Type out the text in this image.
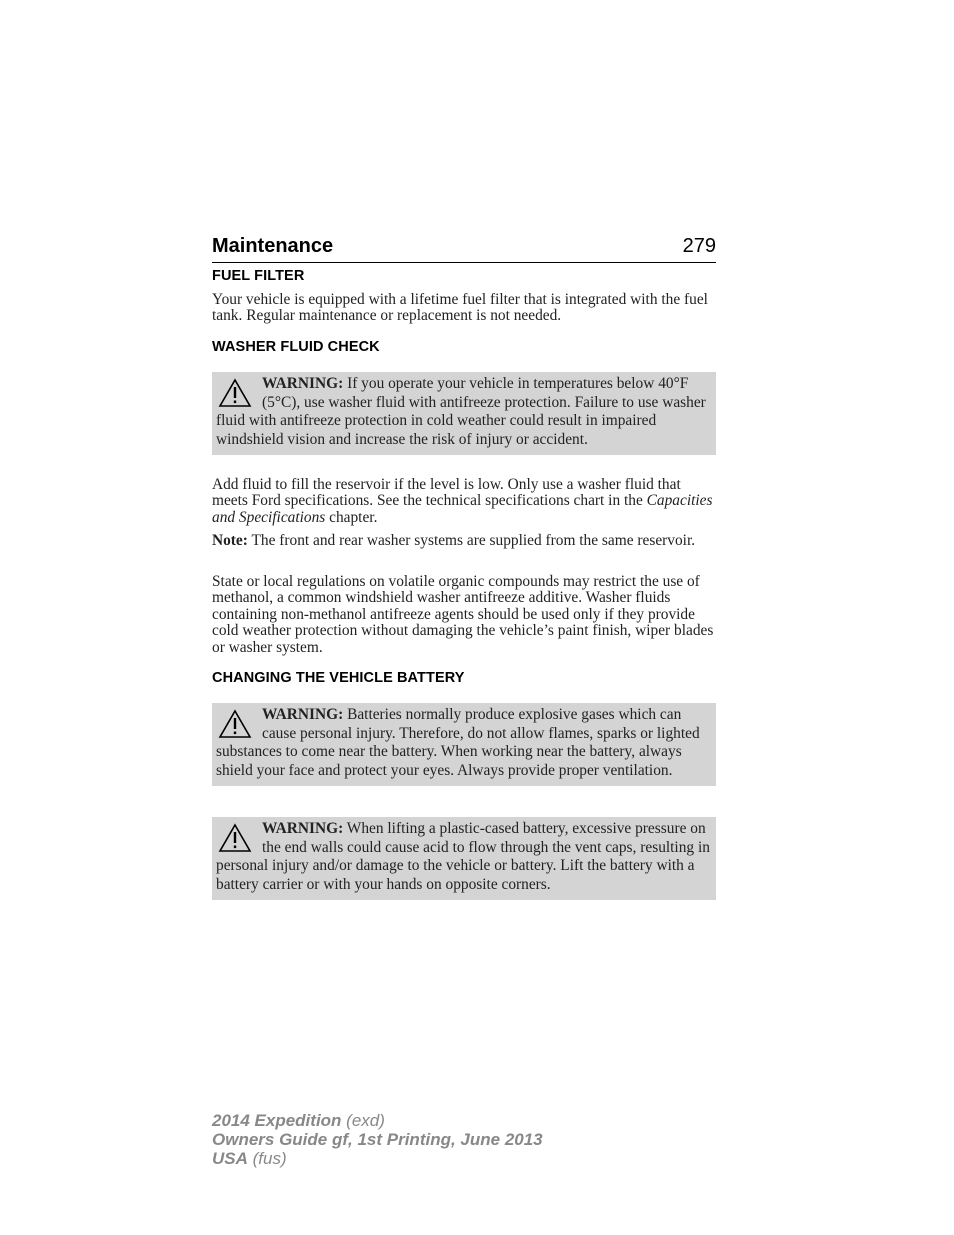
Maintenance	279
FUEL FILTER

Your vehicle is equipped with a lifetime fuel filter that is integrated with the fuel tank. Regular maintenance or replacement is not needed.

WASHER FLUID CHECK

WARNING: If you operate your vehicle in temperatures below 40°F (5°C), use washer fluid with antifreeze protection. Failure to use washer fluid with antifreeze protection in cold weather could result in impaired windshield vision and increase the risk of injury or accident.

Add fluid to fill the reservoir if the level is low. Only use a washer fluid that meets Ford specifications. See the technical specifications chart in the Capacities and Specifications chapter.

Note: The front and rear washer systems are supplied from the same reservoir.

State or local regulations on volatile organic compounds may restrict the use of methanol, a common windshield washer antifreeze additive. Washer fluids containing non-methanol antifreeze agents should be used only if they provide cold weather protection without damaging the vehicle’s paint finish, wiper blades or washer system.

CHANGING THE VEHICLE BATTERY

WARNING: Batteries normally produce explosive gases which can cause personal injury. Therefore, do not allow flames, sparks or lighted substances to come near the battery. When working near the battery, always shield your face and protect your eyes. Always provide proper ventilation.

WARNING: When lifting a plastic-cased battery, excessive pressure on the end walls could cause acid to flow through the vent caps, resulting in personal injury and/or damage to the vehicle or battery. Lift the battery with a battery carrier or with your hands on opposite corners.

2014 Expedition (exd)
Owners Guide gf, 1st Printing, June 2013
USA (fus)
